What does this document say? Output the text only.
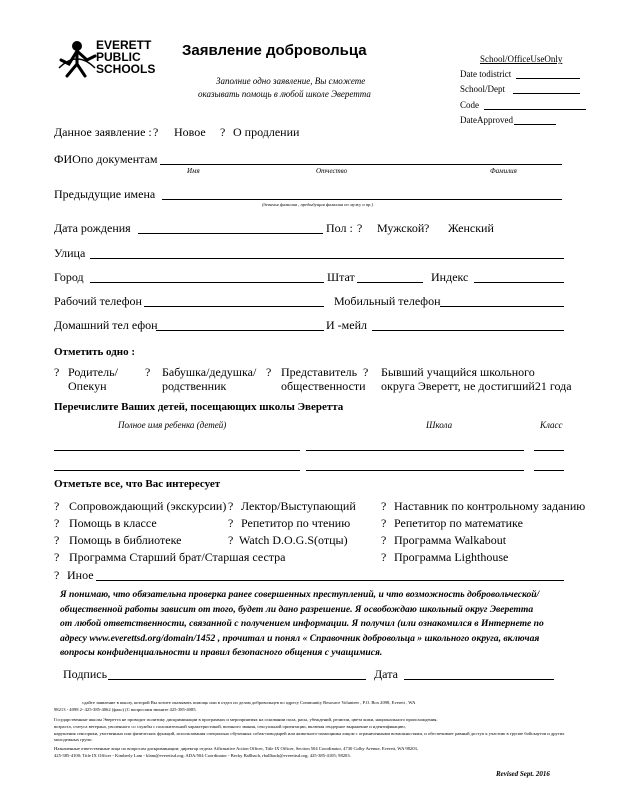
EVERETT
PUBLIC
SCHOOLS
Заявление добровольца
Заполние одно заявление, Вы сможете
оказывать помощь в любой школе Эверетта
School/OfficeUseOnly
Date todistrict
School/Dept
Code
DateApproved
Данное заявление : ? Новое ? О продлении
ФИОпо документам
Имя	Отчество	Фамилия
Предыдущие имена
(девичья фамилия , предыдущая фамилия по мужу и пр.)
Дата рождения	Пол : ? Мужской ? Женский
Улица
Город	Штат	Индекс
Рабочий телефон	Мобильный телефон
Домашний тел ефон	И -мейл
Отметить одно :
? Родитель/
Опекун
? Бабушка/дедушка/
родственник
? Представитель
общественности
? Бывший учащийся школьного
округа Эверетт, не достигший21 года
Перечислите Ваших детей, посещающих школы Эверетта
Полное имя ребенка (детей)	Школа	Класс
Отметьте все, что Вас интересует
? Сопровождающий (экскурсии) ? Лектор/Выступающий ? Наставник по контрольному заданию
? Помощь в классе	? Репетитор по чтению	? Репетитор по математике
? Помощь в библиотеке	? Watch D.O.G.S(отцы)	? Программа Walkabout
? Программа Старший брат/Старшая сестра	? Программа Lighthouse
? Иное
Я понимаю, что обязательна проверка ранее совершенных преступлений, и что возможность добровольческой/
общественной работы зависит от того, будет ли дано разрешение. Я освобождаю школьный округ Эверетта
от любой ответственности, связанной с получением информации. Я получил (или ознакомился в Интернете по
адресу www.everettsd.org/domain/1452 , прочитал и понял « Справочник добровольца » школьного округа, включая
вопросы конфиденциальности и правил безопасного общения с учащимися.
Подпись	Дата
сдайте заявление в школу, которой Вы хотите оказывать помощь или в отдел по делам добровольцев по адресу Community Resource Volunteer , P.O. Box 2098, Everett , WA
98213 - 4098 2- 425-385-4062 (факс) (С вопросами звоните 425-385-4085.
Государственные школы Эверетта не проводит политику дискриминации в программах и мероприятиях на основании пола, расы, убеждений, религии, цвета кожи, национального происхождения,
возраста, статуса ветерана, уволенного со службы с положительной характеристикой, военного звания, сексуальной ориентации, включая гендерное выражение и идентификацию,
нарушения сенсорики, умственных или физических функций, использования специально обученных собак-поводырей или животного-помощника лицом с ограниченными возможностями, и обеспечивает равный доступ к участию в группе бойскаутов и других молодежных групп.
Назначенные ответственные лица по вопросам дискриминации: директор отдела Affirmative Action Officer, Title IX Officer, Section 504 Coordinator, 4730 Colby Avenue, Everett, WA 98203,
425-385-4100; Title IX Officer - Kimberly Lam - klam@everettsd.org; ADA/504 Coordinator - Becky Ballbach, rballbach@everettsd.org; 425-385-4105; 98203.
Revised Sept. 2016
